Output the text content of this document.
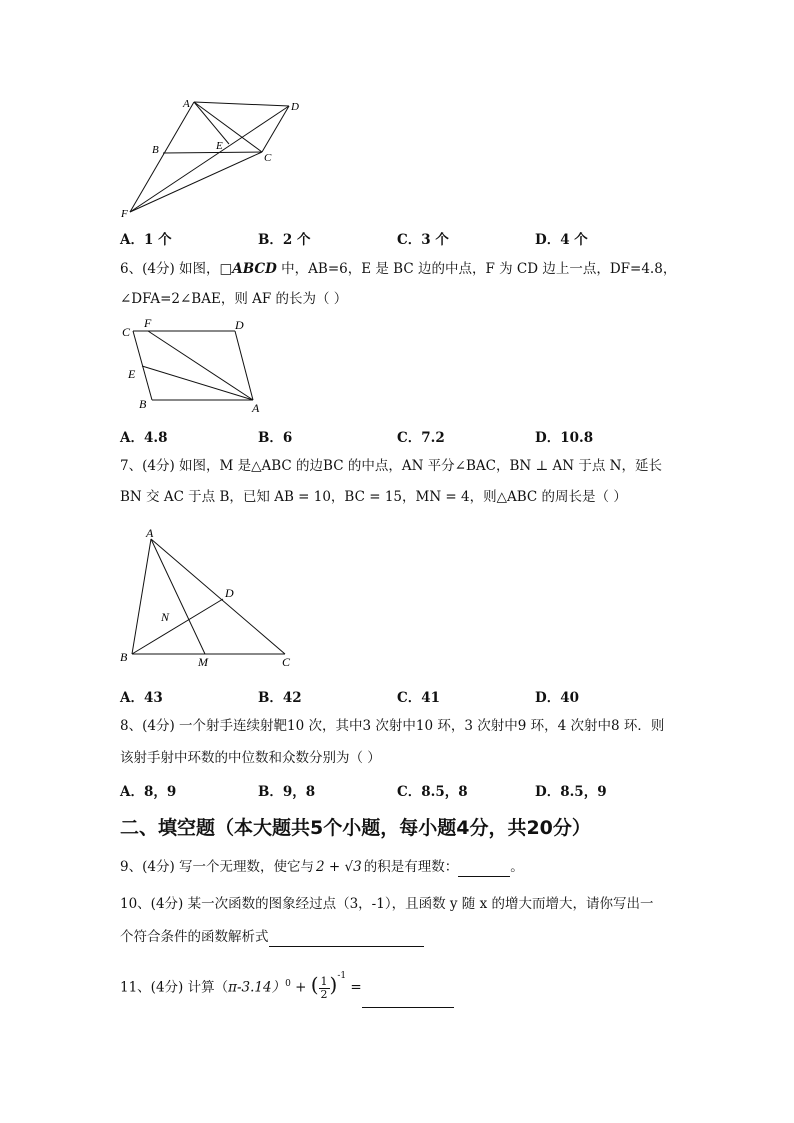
A	D
B	E
C
F
A．1 个	B．2 个	C．3 个	D．4 个
6、(4分) 如图，□ABCD 中，AB=6，E 是 BC 边的中点，F 为 CD 边上一点，DF=4.8，
∠DFA=2∠BAE，则 AF 的长为（ ）
C
F	D
E
B	A
A．4.8	B．6	C．7.2	D．10.8
7、(4分) 如图，M 是△ABC 的边BC 的中点，AN 平分∠BAC，BN ⊥ AN 于点 N，延长
BN 交 AC 于点 B，已知 AB = 10，BC = 15，MN = 4，则△ABC 的周长是（ ）
A
D
N
B	M	C
A．43	B．42	C．41	D．40
8、(4分) 一个射手连续射靶10 次，其中3 次射中10 环，3 次射中9 环，4 次射中8 环．则
该射手射中环数的中位数和众数分别为（ ）
A．8，9	B．9，8	C．8.5，8	D．8.5，9
二、填空题（本大题共5个小题，每小题4分，共20分）
9、(4分) 写一个无理数，使它与 2 + √3 的积是有理数：	。
10、(4分) 某一次函数的图象经过点（3，-1），且函数 y 随 x 的增大而增大，请你写出一
个符合条件的函数解析式
11、(4分) 计算$(\pi-3.14)^0$ + ( $\frac{1}{2} )^{-1}$ =
